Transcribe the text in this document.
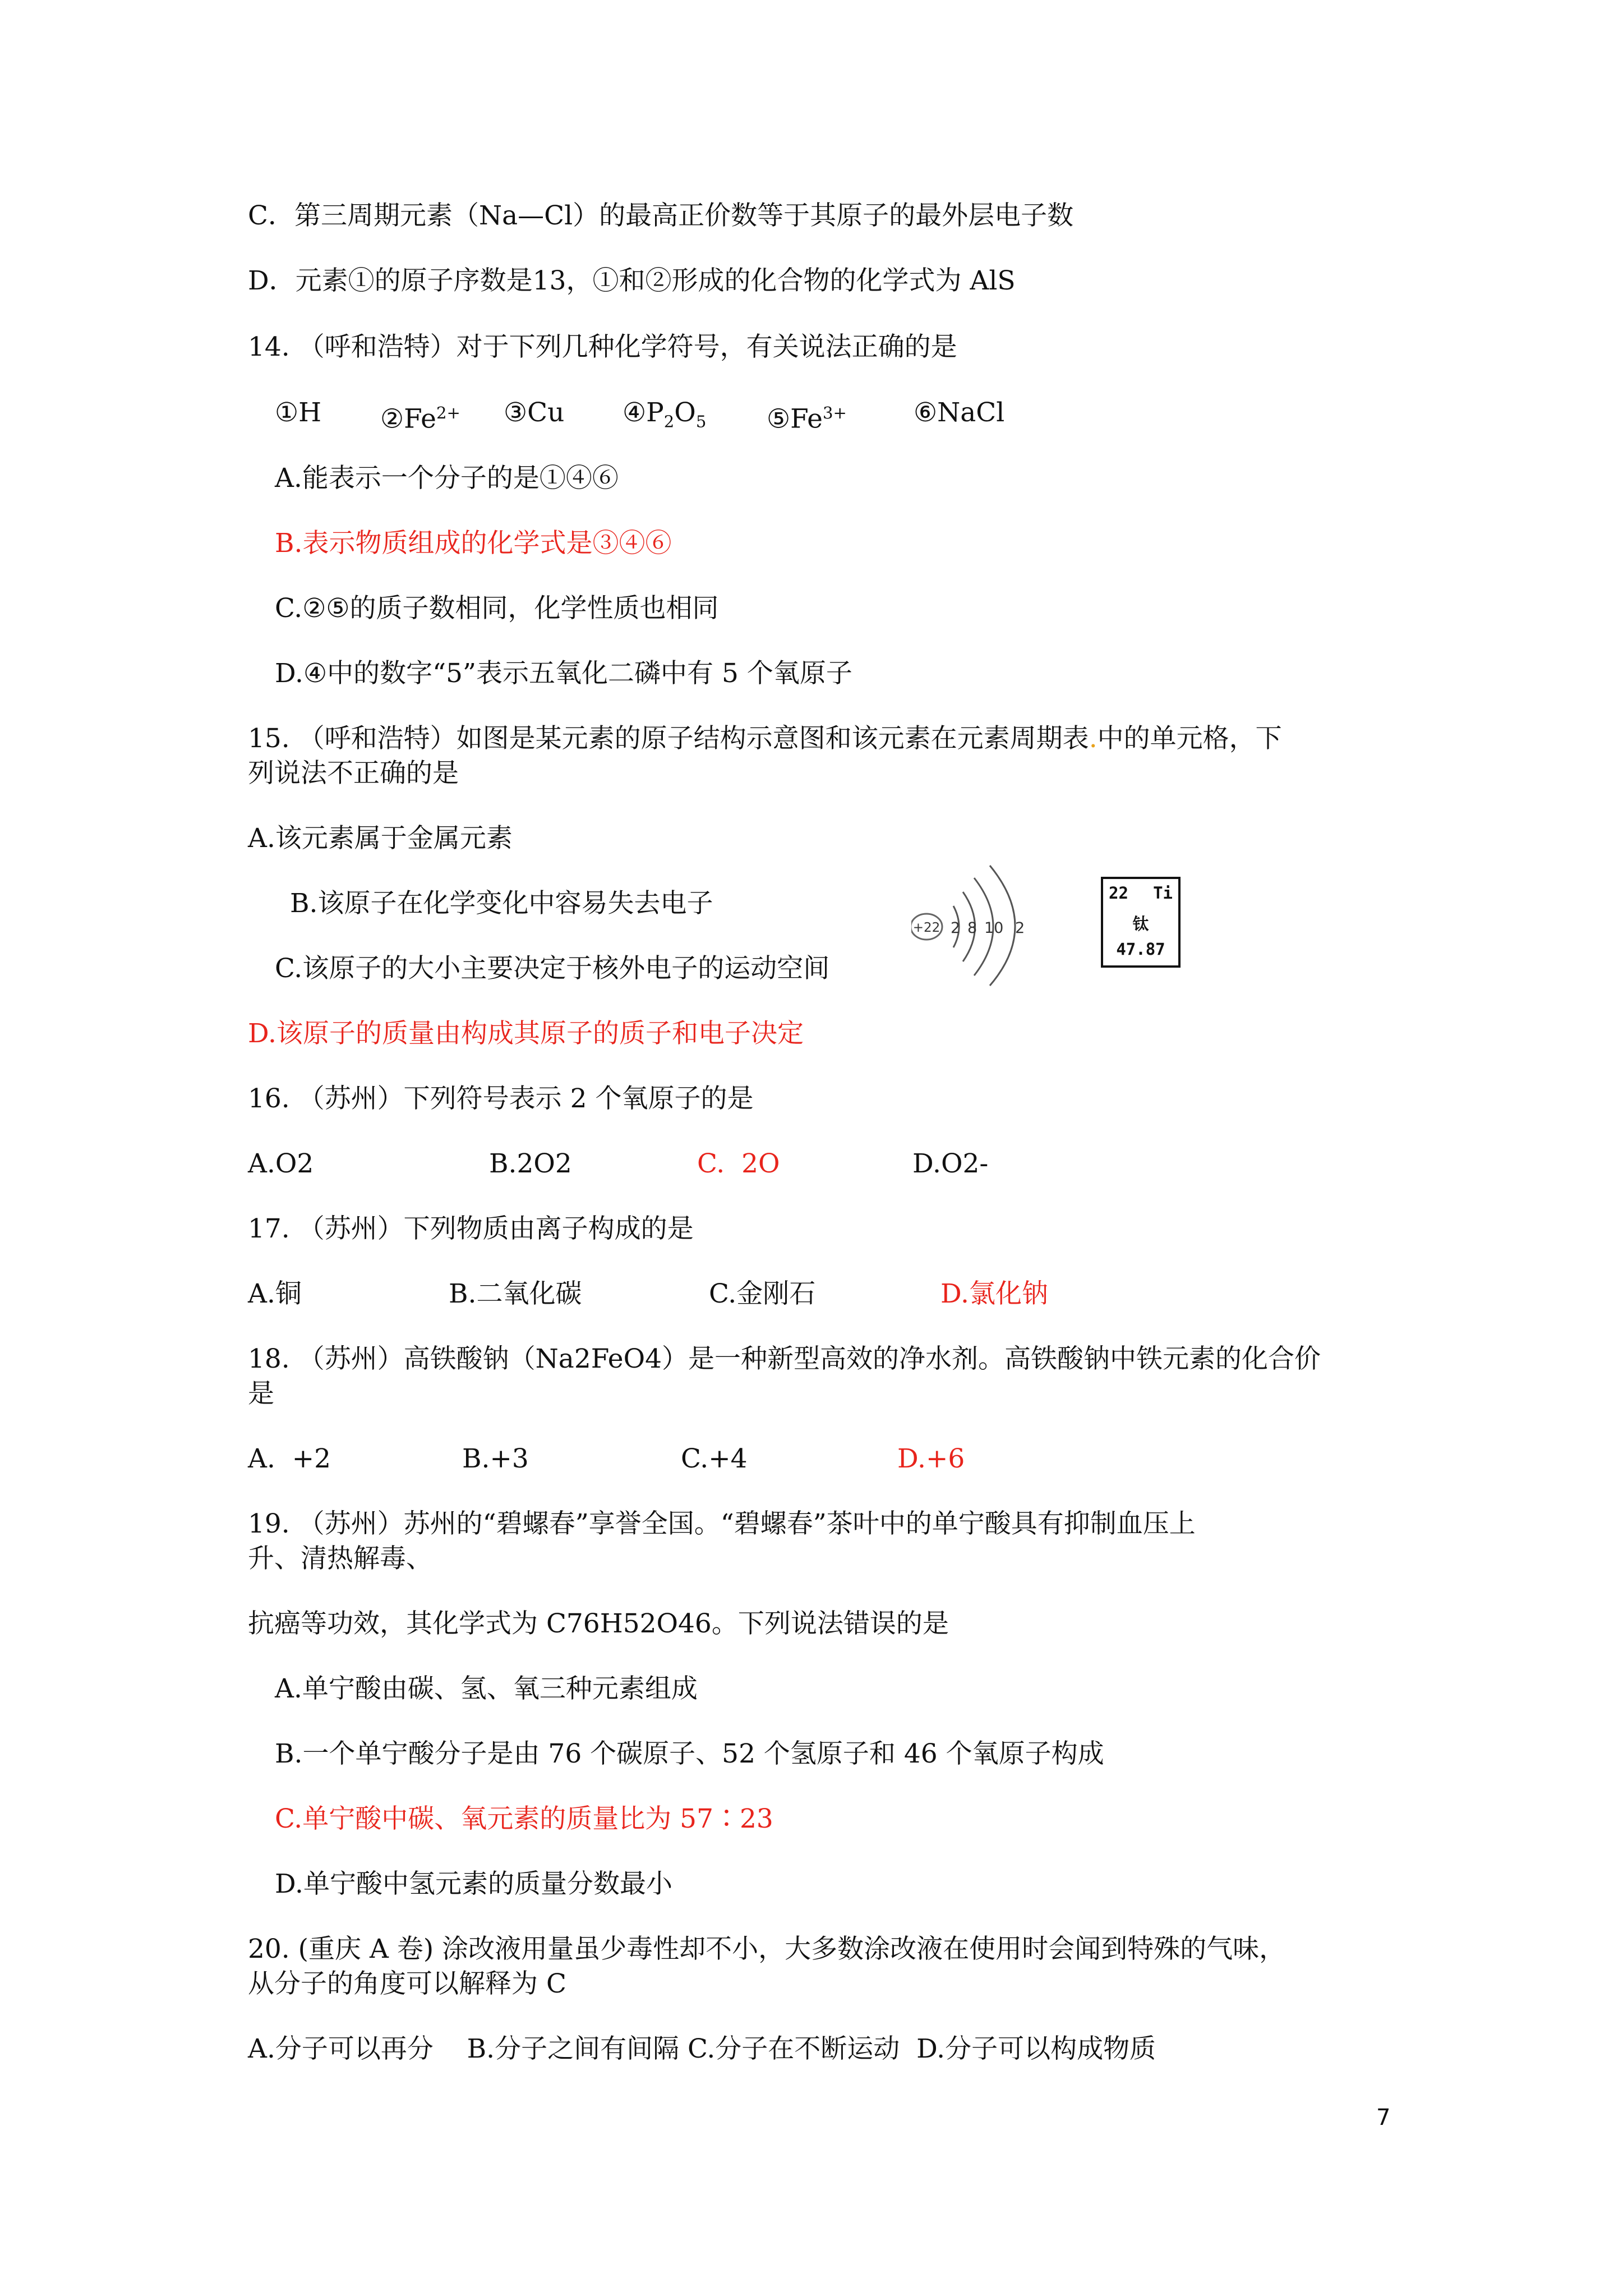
C．第三周期元素（Na—Cl）的最高正价数等于其原子的最外层电子数
D．元素①的原子序数是13，①和②形成的化合物的化学式为 AlS
14. （呼和浩特）对于下列几种化学符号，有关说法正确的是
①H $②Fe^{2+}$ ③Cu $④P_2O_5$ $⑤Fe^{3+}$	⑥NaCl
A.能表示一个分子的是①④⑥
B.表示物质组成的化学式是③④⑥
C.②⑤的质子数相同，化学性质也相同
D.④中的数字“5”表示五氧化二磷中有 5 个氧原子
15. （呼和浩特）如图是某元素的原子结构示意图和该元素在元素周期表.中的单元格，下
列说法不正确的是
A.该元素属于金属元素
B.该原子在化学变化中容易失去电子
C.该原子的大小主要决定于核外电子的运动空间
D.该原子的质量由构成其原子的质子和电子决定
+22 2 8 10 2
22 Ti
钛
47.87
16. （苏州）下列符号表示 2 个氧原子的是
A.O2	B.2O2	C.  2O	D.O2-
17. （苏州）下列物质由离子构成的是
A.铜	B.二氧化碳	C.金刚石	D.氯化钠
18. （苏州）高铁酸钠（Na2FeO4）是一种新型高效的净水剂。高铁酸钠中铁元素的化合价
是
A.  +2	B.+3	C.+4	D.+6
19. （苏州）苏州的“碧螺春”享誉全国。“碧螺春”茶叶中的单宁酸具有抑制血压上
升、清热解毒、
抗癌等功效，其化学式为 C76H52O46。下列说法错误的是
A.单宁酸由碳、氢、氧三种元素组成
B.一个单宁酸分子是由 76 个碳原子、52 个氢原子和 46 个氧原子构成
C.单宁酸中碳、氧元素的质量比为 57∶23
D.单宁酸中氢元素的质量分数最小
20. (重庆 A 卷) 涂改液用量虽少毒性却不小，大多数涂改液在使用时会闻到特殊的气味，
从分子的角度可以解释为 C
A.分子可以再分    B.分子之间有间隔 C.分子在不断运动  D.分子可以构成物质
7
